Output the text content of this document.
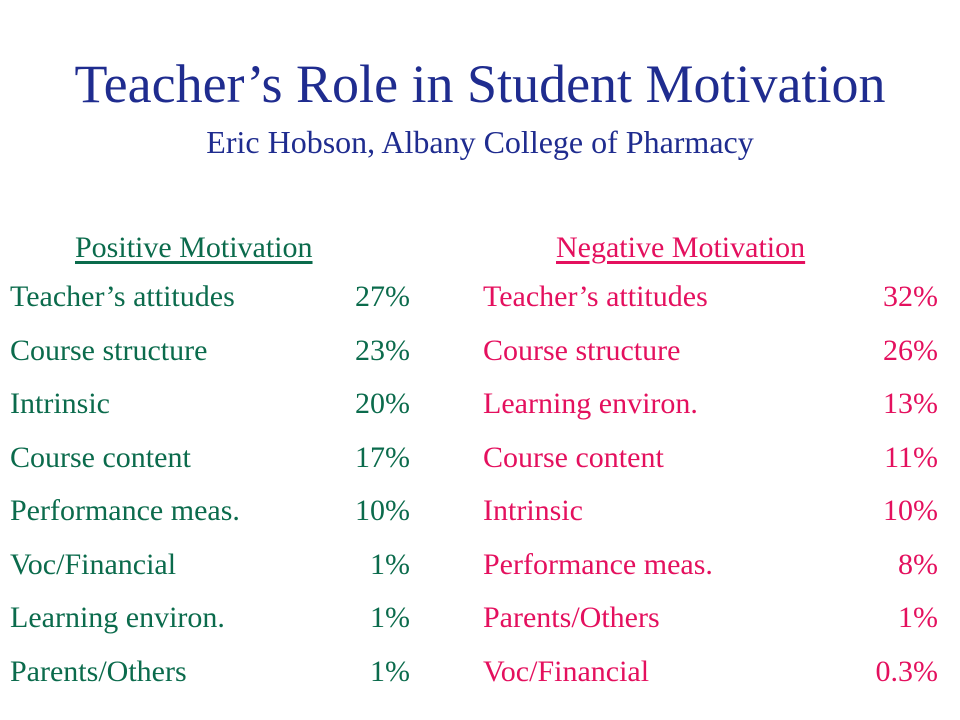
Teacher’s Role in Student Motivation
Eric Hobson, Albany College of Pharmacy
Positive Motivation
Teacher’s attitudes	27%
Course structure	23%
Intrinsic	20%
Course content	17%
Performance meas.	10%
Voc/Financial	1%
Learning environ.	1%
Parents/Others	1%
Negative Motivation
Teacher’s attitudes	32%
Course structure	26%
Learning environ.	13%
Course content	11%
Intrinsic	10%
Performance meas.	8%
Parents/Others	1%
Voc/Financial	0.3%
